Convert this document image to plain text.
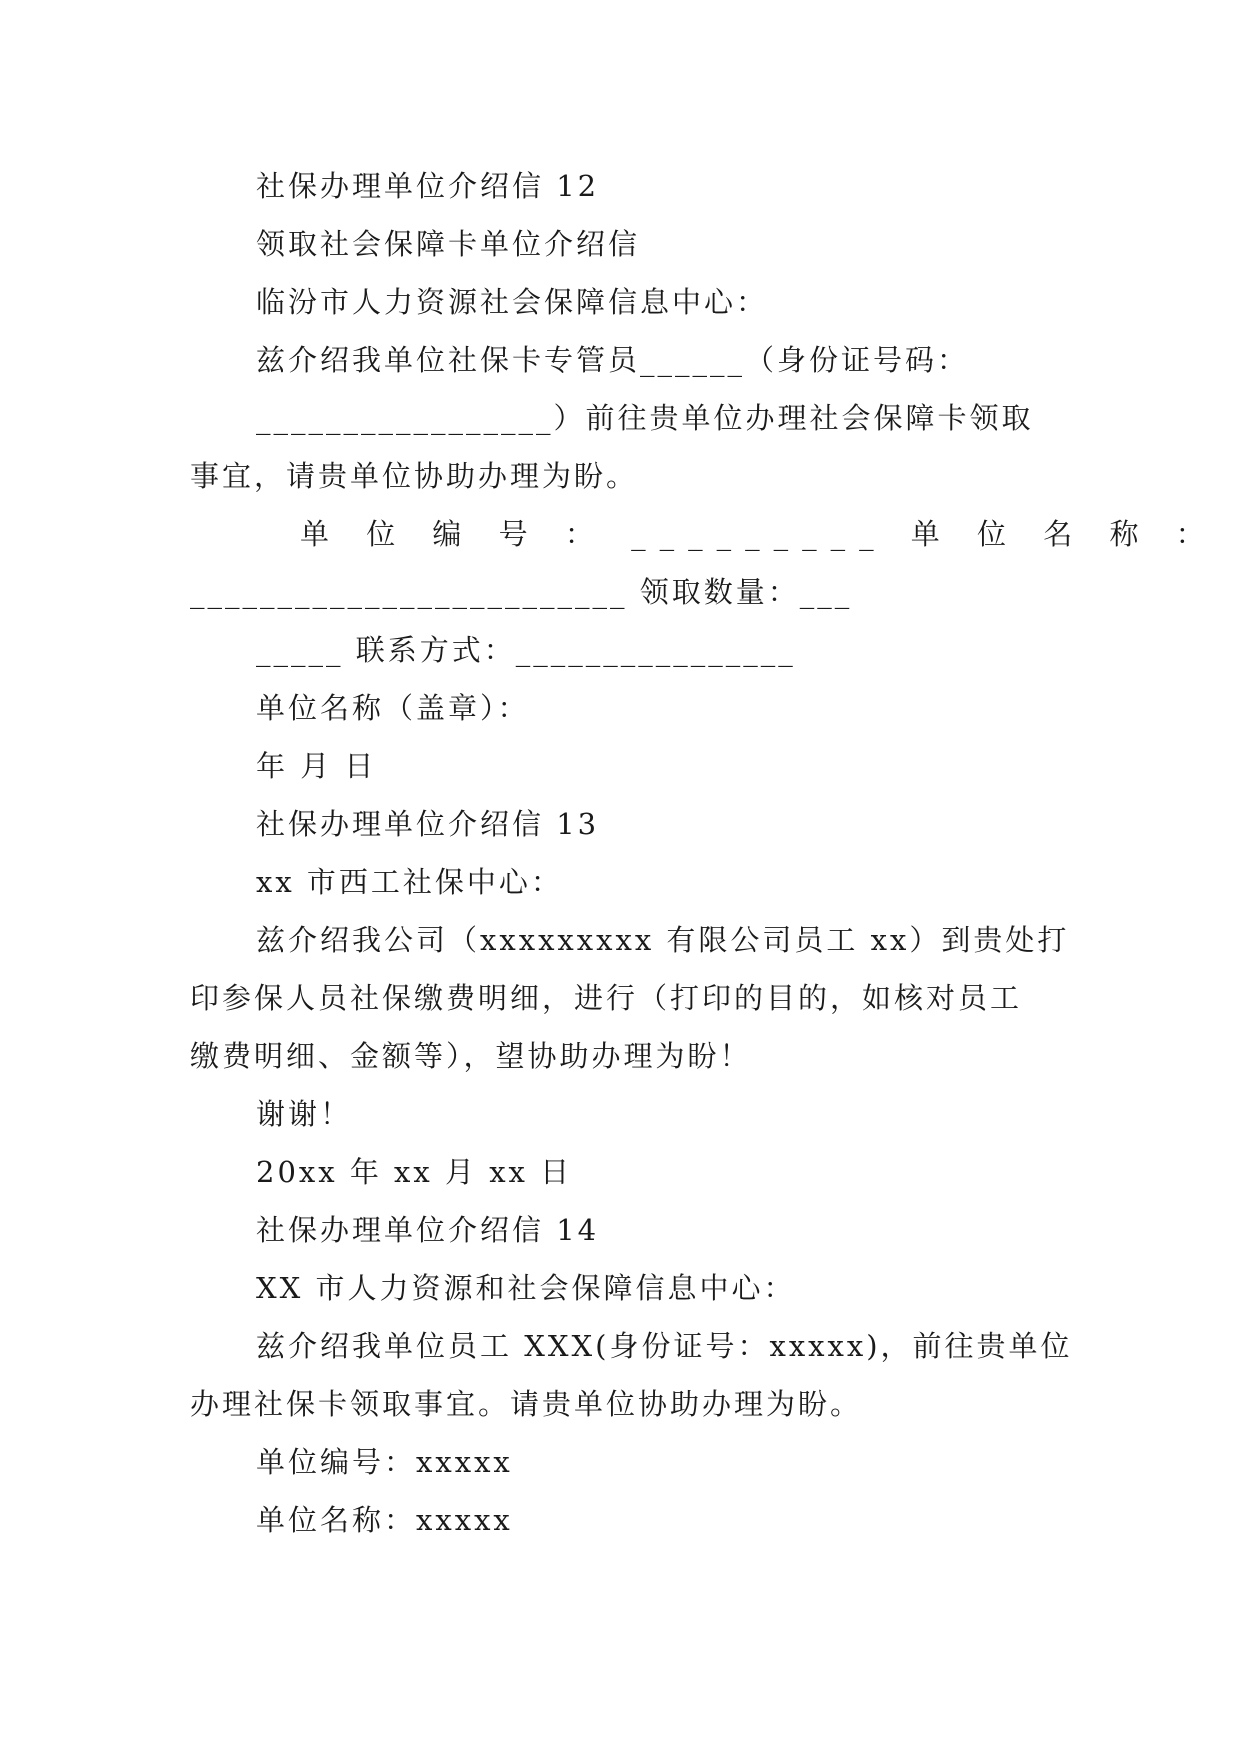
社保办理单位介绍信 12
领取社会保障卡单位介绍信
临汾市人力资源社会保障信息中心：
兹介绍我单位社保卡专管员______（身份证号码：
_________________）前往贵单位办理社会保障卡领取
事宜，请贵单位协助办理为盼。
单 位 编 号 ： _________ 单 位 名 称 ：
_________________________ 领取数量：___
_____ 联系方式：________________
单位名称（盖章）：
年 月 日
社保办理单位介绍信 13
xx 市西工社保中心：
兹介绍我公司（xxxxxxxxx 有限公司员工 xx）到贵处打
印参保人员社保缴费明细，进行（打印的目的，如核对员工
缴费明细、金额等），望协助办理为盼！
谢谢！
20xx 年 xx 月 xx 日
社保办理单位介绍信 14
XX 市人力资源和社会保障信息中心：
兹介绍我单位员工 XXX(身份证号：xxxxx)，前往贵单位
办理社保卡领取事宜。请贵单位协助办理为盼。
单位编号：xxxxx
单位名称：xxxxx
